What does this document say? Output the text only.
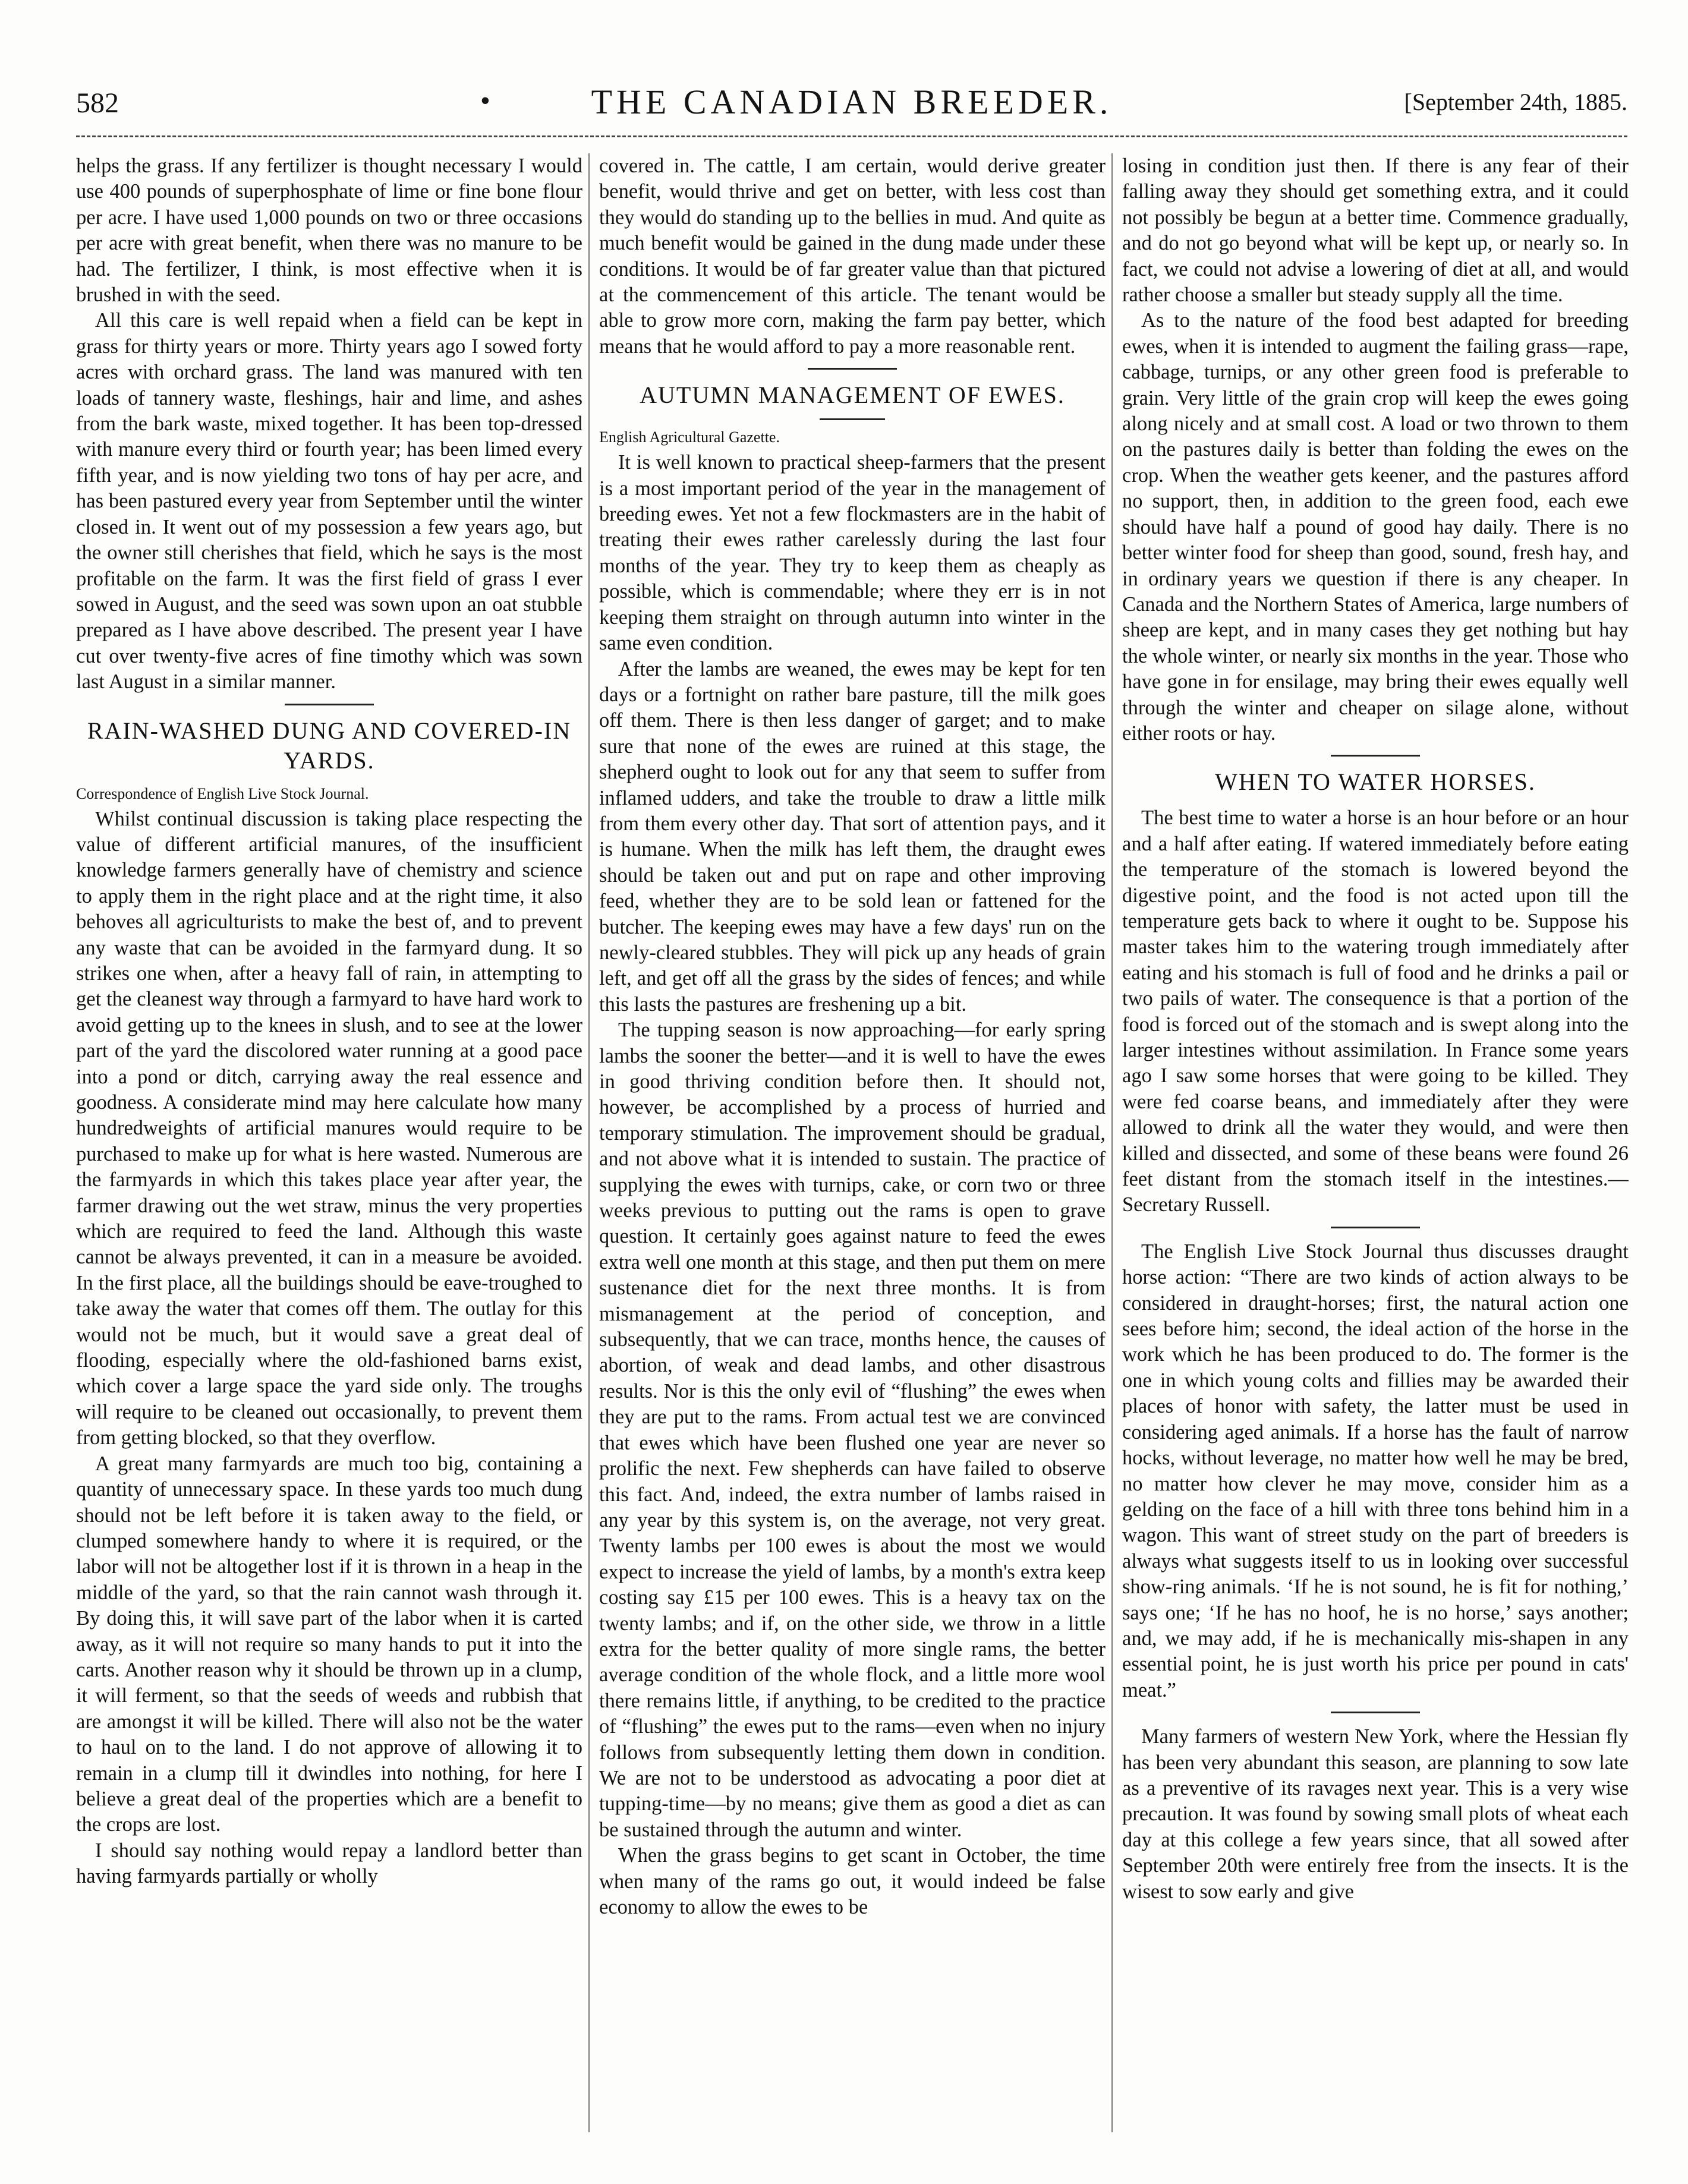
582	•	THE CANADIAN BREEDER.	[September 24th, 1885.

helps the grass. If any fertilizer is thought necessary I would use 400 pounds of superphosphate of lime or fine bone flour per acre. I have used 1,000 pounds on two or three occasions per acre with great benefit, when there was no manure to be had. The fertilizer, I think, is most effective when it is brushed in with the seed.

All this care is well repaid when a field can be kept in grass for thirty years or more. Thirty years ago I sowed forty acres with orchard grass. The land was manured with ten loads of tannery waste, fleshings, hair and lime, and ashes from the bark waste, mixed together. It has been top-dressed with manure every third or fourth year; has been limed every fifth year, and is now yielding two tons of hay per acre, and has been pastured every year from September until the winter closed in. It went out of my possession a few years ago, but the owner still cherishes that field, which he says is the most profitable on the farm. It was the first field of grass I ever sowed in August, and the seed was sown upon an oat stubble prepared as I have above described. The present year I have cut over twenty-five acres of fine timothy which was sown last August in a similar manner.

RAIN-WASHED DUNG AND COVERED-IN YARDS.

Correspondence of English Live Stock Journal.

Whilst continual discussion is taking place respecting the value of different artificial manures, of the insufficient knowledge farmers generally have of chemistry and science to apply them in the right place and at the right time, it also behoves all agriculturists to make the best of, and to prevent any waste that can be avoided in the farmyard dung. It so strikes one when, after a heavy fall of rain, in attempting to get the cleanest way through a farmyard to have hard work to avoid getting up to the knees in slush, and to see at the lower part of the yard the discolored water running at a good pace into a pond or ditch, carrying away the real essence and goodness. A considerate mind may here calculate how many hundredweights of artificial manures would require to be purchased to make up for what is here wasted. Numerous are the farmyards in which this takes place year after year, the farmer drawing out the wet straw, minus the very properties which are required to feed the land. Although this waste cannot be always prevented, it can in a measure be avoided. In the first place, all the buildings should be eave-troughed to take away the water that comes off them. The outlay for this would not be much, but it would save a great deal of flooding, especially where the old-fashioned barns exist, which cover a large space the yard side only. The troughs will require to be cleaned out occasionally, to prevent them from getting blocked, so that they overflow.

A great many farmyards are much too big, containing a quantity of unnecessary space. In these yards too much dung should not be left before it is taken away to the field, or clumped somewhere handy to where it is required, or the labor will not be altogether lost if it is thrown in a heap in the middle of the yard, so that the rain cannot wash through it. By doing this, it will save part of the labor when it is carted away, as it will not require so many hands to put it into the carts. Another reason why it should be thrown up in a clump, it will ferment, so that the seeds of weeds and rubbish that are amongst it will be killed. There will also not be the water to haul on to the land. I do not approve of allowing it to remain in a clump till it dwindles into nothing, for here I believe a great deal of the properties which are a benefit to the crops are lost.

I should say nothing would repay a landlord better than having farmyards partially or wholly

covered in. The cattle, I am certain, would derive greater benefit, would thrive and get on better, with less cost than they would do standing up to the bellies in mud. And quite as much benefit would be gained in the dung made under these conditions. It would be of far greater value than that pictured at the commencement of this article. The tenant would be able to grow more corn, making the farm pay better, which means that he would afford to pay a more reasonable rent.

AUTUMN MANAGEMENT OF EWES.

English Agricultural Gazette.

It is well known to practical sheep-farmers that the present is a most important period of the year in the management of breeding ewes. Yet not a few flockmasters are in the habit of treating their ewes rather carelessly during the last four months of the year. They try to keep them as cheaply as possible, which is commendable; where they err is in not keeping them straight on through autumn into winter in the same even condition.

After the lambs are weaned, the ewes may be kept for ten days or a fortnight on rather bare pasture, till the milk goes off them. There is then less danger of garget; and to make sure that none of the ewes are ruined at this stage, the shepherd ought to look out for any that seem to suffer from inflamed udders, and take the trouble to draw a little milk from them every other day. That sort of attention pays, and it is humane. When the milk has left them, the draught ewes should be taken out and put on rape and other improving feed, whether they are to be sold lean or fattened for the butcher. The keeping ewes may have a few days' run on the newly-cleared stubbles. They will pick up any heads of grain left, and get off all the grass by the sides of fences; and while this lasts the pastures are freshening up a bit.

The tupping season is now approaching—for early spring lambs the sooner the better—and it is well to have the ewes in good thriving condition before then. It should not, however, be accomplished by a process of hurried and temporary stimulation. The improvement should be gradual, and not above what it is intended to sustain. The practice of supplying the ewes with turnips, cake, or corn two or three weeks previous to putting out the rams is open to grave question. It certainly goes against nature to feed the ewes extra well one month at this stage, and then put them on mere sustenance diet for the next three months. It is from mismanagement at the period of conception, and subsequently, that we can trace, months hence, the causes of abortion, of weak and dead lambs, and other disastrous results. Nor is this the only evil of “flushing” the ewes when they are put to the rams. From actual test we are convinced that ewes which have been flushed one year are never so prolific the next. Few shepherds can have failed to observe this fact. And, indeed, the extra number of lambs raised in any year by this system is, on the average, not very great. Twenty lambs per 100 ewes is about the most we would expect to increase the yield of lambs, by a month's extra keep costing say £15 per 100 ewes. This is a heavy tax on the twenty lambs; and if, on the other side, we throw in a little extra for the better quality of more single rams, the better average condition of the whole flock, and a little more wool there remains little, if anything, to be credited to the practice of “flushing” the ewes put to the rams—even when no injury follows from subsequently letting them down in condition. We are not to be understood as advocating a poor diet at tupping-time—by no means; give them as good a diet as can be sustained through the autumn and winter.

When the grass begins to get scant in October, the time when many of the rams go out, it would indeed be false economy to allow the ewes to be

losing in condition just then. If there is any fear of their falling away they should get something extra, and it could not possibly be begun at a better time. Commence gradually, and do not go beyond what will be kept up, or nearly so. In fact, we could not advise a lowering of diet at all, and would rather choose a smaller but steady supply all the time.

As to the nature of the food best adapted for breeding ewes, when it is intended to augment the failing grass—rape, cabbage, turnips, or any other green food is preferable to grain. Very little of the grain crop will keep the ewes going along nicely and at small cost. A load or two thrown to them on the pastures daily is better than folding the ewes on the crop. When the weather gets keener, and the pastures afford no support, then, in addition to the green food, each ewe should have half a pound of good hay daily. There is no better winter food for sheep than good, sound, fresh hay, and in ordinary years we question if there is any cheaper. In Canada and the Northern States of America, large numbers of sheep are kept, and in many cases they get nothing but hay the whole winter, or nearly six months in the year. Those who have gone in for ensilage, may bring their ewes equally well through the winter and cheaper on silage alone, without either roots or hay.

WHEN TO WATER HORSES.

The best time to water a horse is an hour before or an hour and a half after eating. If watered immediately before eating the temperature of the stomach is lowered beyond the digestive point, and the food is not acted upon till the temperature gets back to where it ought to be. Suppose his master takes him to the watering trough immediately after eating and his stomach is full of food and he drinks a pail or two pails of water. The consequence is that a portion of the food is forced out of the stomach and is swept along into the larger intestines without assimilation. In France some years ago I saw some horses that were going to be killed. They were fed coarse beans, and immediately after they were allowed to drink all the water they would, and were then killed and dissected, and some of these beans were found 26 feet distant from the stomach itself in the intestines.—Secretary Russell.

The English Live Stock Journal thus discusses draught horse action: “There are two kinds of action always to be considered in draught-horses; first, the natural action one sees before him; second, the ideal action of the horse in the work which he has been produced to do. The former is the one in which young colts and fillies may be awarded their places of honor with safety, the latter must be used in considering aged animals. If a horse has the fault of narrow hocks, without leverage, no matter how well he may be bred, no matter how clever he may move, consider him as a gelding on the face of a hill with three tons behind him in a wagon. This want of street study on the part of breeders is always what suggests itself to us in looking over successful show-ring animals. ‘If he is not sound, he is fit for nothing,’ says one; ‘If he has no hoof, he is no horse,’ says another; and, we may add, if he is mechanically mis-shapen in any essential point, he is just worth his price per pound in cats' meat.”

Many farmers of western New York, where the Hessian fly has been very abundant this season, are planning to sow late as a preventive of its ravages next year. This is a very wise precaution. It was found by sowing small plots of wheat each day at this college a few years since, that all sowed after September 20th were entirely free from the insects. It is the wisest to sow early and give
